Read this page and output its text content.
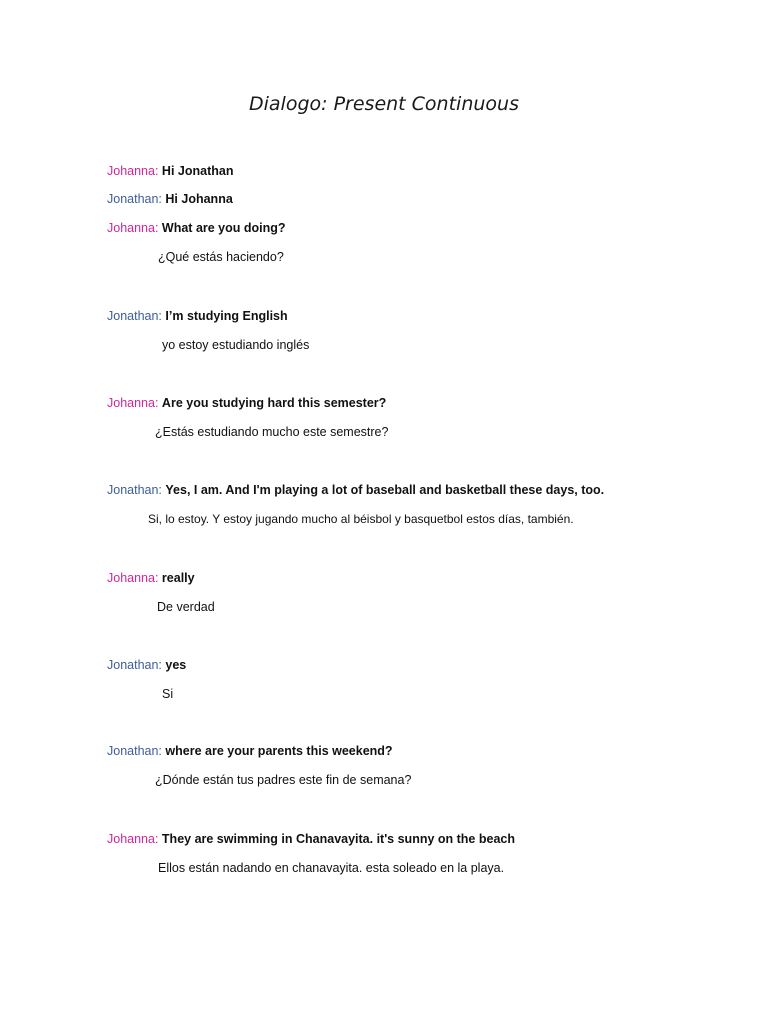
Dialogo: Present Continuous
Johanna: Hi Jonathan
Jonathan: Hi Johanna
Johanna: What are you doing?
¿Qué estás haciendo?
Jonathan: I’m studying English
yo estoy estudiando inglés
Johanna: Are you studying hard this semester?
¿Estás estudiando mucho este semestre?
Jonathan: Yes, I am. And I'm playing a lot of baseball and basketball these days, too.
Si, lo estoy. Y estoy jugando mucho al béisbol y basquetbol estos días, también.
Johanna: really
De verdad
Jonathan: yes
Si
Jonathan: where are your parents this weekend?
¿Dónde están tus padres este fin de semana?
Johanna: They are swimming in Chanavayita. it's sunny on the beach
Ellos están nadando en chanavayita. esta soleado en la playa.
